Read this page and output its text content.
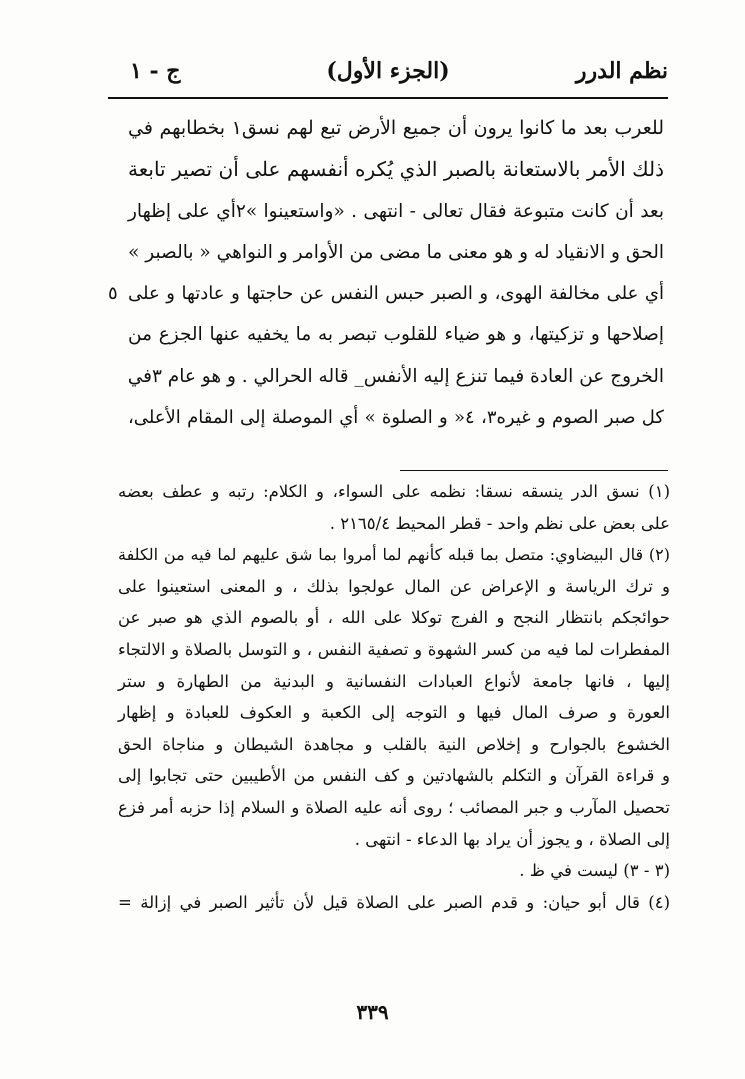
نظم الدرر
(الجزء الأول)
ج - ١
للعرب بعد ما كانوا يرون أن جميع الأرض تبع لهم نسق١ بخطابهم في
ذلك الأمر بالاستعانة بالصبر الذي يُكره أنفسهم على أن تصير تابعة
بعد أن كانت متبوعة فقال تعالى - انتهى . «واستعينوا »٢أي على إظهار
الحق و الانقياد له و هو معنى ما مضى من الأوامر و النواهي « بالصبر »
أي على مخالفة الهوى، و الصبر حبس النفس عن حاجتها و عادتها و على
٥
إصلاحها و تزكيتها، و هو ضياء للقلوب تبصر به ما يخفيه عنها الجزع من
الخروج عن العادة فيما تنزع إليه الأنفس_ قاله الحرالي . و هو عام ٣في
كل صبر الصوم و غيره٣، ٤« و الصلوة » أي الموصلة إلى المقام الأعلى،
(١) نسق الدر ينسقه نسقا: نظمه على السواء، و الكلام: رتبه و عطف بعضه
على بعض على نظم واحد - قطر المحيط ٢١٦٥/٤ .
(٢) قال البيضاوي: متصل بما قبله كأنهم لما أمروا بما شق عليهم لما فيه من الكلفة
و ترك الرياسة و الإعراض عن المال عولجوا بذلك ، و المعنى استعينوا على
حوائجكم بانتظار النجح و الفرج توكلا على الله ، أو بالصوم الذي هو صبر عن
المفطرات لما فيه من كسر الشهوة و تصفية النفس ، و التوسل بالصلاة و الالتجاء
إليها ، فانها جامعة لأنواع العبادات النفسانية و البدنية من الطهارة و ستر
العورة و صرف المال فيها و التوجه إلى الكعبة و العكوف للعبادة و إظهار
الخشوع بالجوارح و إخلاص النية بالقلب و مجاهدة الشيطان و مناجاة الحق
و قراءة القرآن و التكلم بالشهادتين و كف النفس من الأطيبين حتى تجابوا إلى
تحصيل المآرب و جبر المصائب ؛ روى أنه عليه الصلاة و السلام إذا حزبه أمر فزع
إلى الصلاة ، و يجوز أن يراد بها الدعاء - انتهى .
(٣ - ٣) ليست في ظ .
(٤) قال أبو حيان: و قدم الصبر على الصلاة قيل لأن تأثير الصبر في إزالة =
٣٣٩
